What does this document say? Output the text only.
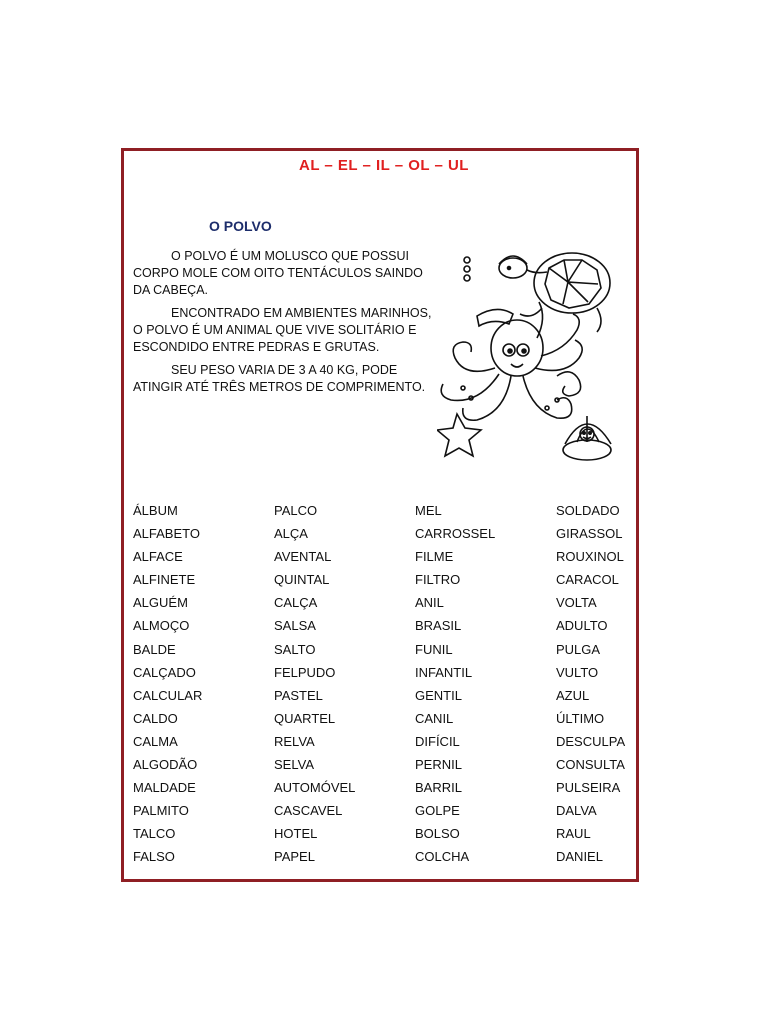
AL – EL – IL – OL – UL
O POLVO

O POLVO É UM MOLUSCO QUE POSSUI CORPO MOLE COM OITO TENTÁCULOS SAINDO DA CABEÇA.

ENCONTRADO EM AMBIENTES MARINHOS, O POLVO É UM ANIMAL QUE VIVE SOLITÁRIO E ESCONDIDO ENTRE PEDRAS E GRUTAS.

SEU PESO VARIA DE 3 A 40 KG, PODE ATINGIR ATÉ TRÊS METROS DE COMPRIMENTO.

ÁLBUM	PALCO	MEL	SOLDADO
ALFABETO	ALÇA	CARROSSEL	GIRASSOL
ALFACE	AVENTAL	FILME	ROUXINOL
ALFINETE	QUINTAL	FILTRO	CARACOL
ALGUÉM	CALÇA	ANIL	VOLTA
ALMOÇO	SALSA	BRASIL	ADULTO
BALDE	SALTO	FUNIL	PULGA
CALÇADO	FELPUDO	INFANTIL	VULTO
CALCULAR	PASTEL	GENTIL	AZUL
CALDO	QUARTEL	CANIL	ÚLTIMO
CALMA	RELVA	DIFÍCIL	DESCULPA
ALGODÃO	SELVA	PERNIL	CONSULTA
MALDADE	AUTOMÓVEL	BARRIL	PULSEIRA
PALMITO	CASCAVEL	GOLPE	DALVA
TALCO	HOTEL	BOLSO	RAUL
FALSO	PAPEL	COLCHA	DANIEL
